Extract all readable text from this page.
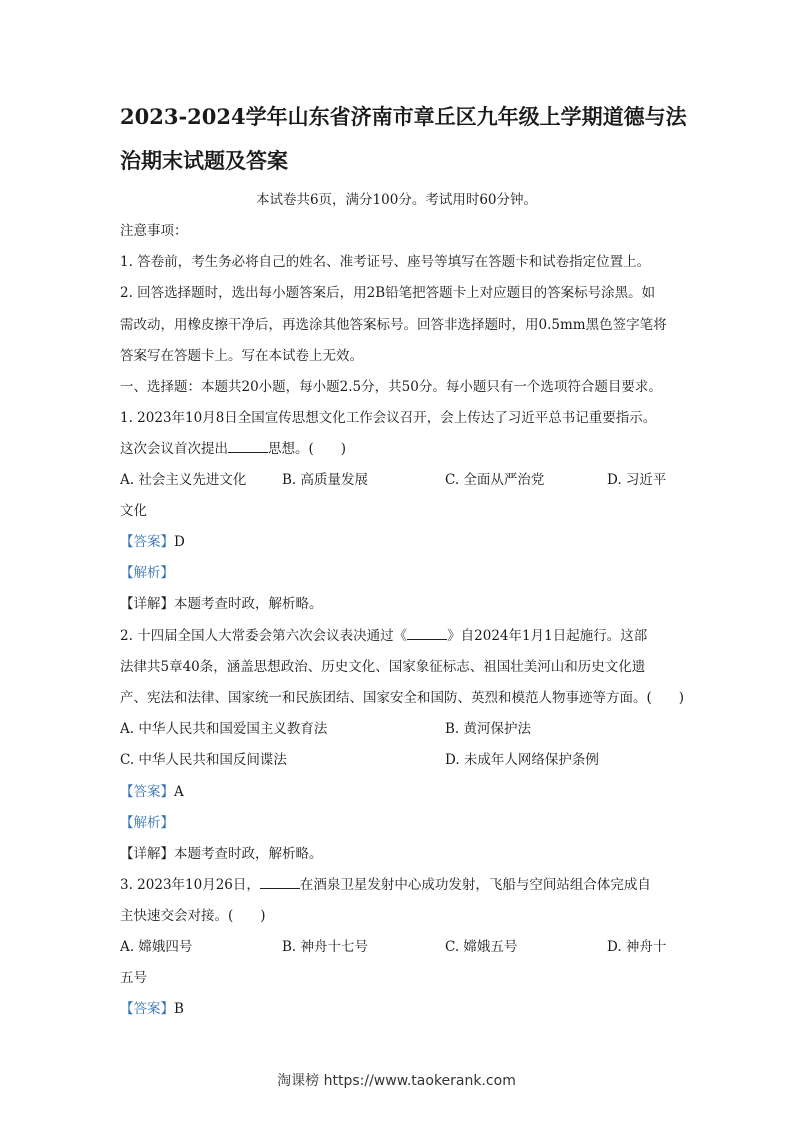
2023-2024学年山东省济南市章丘区九年级上学期道德与法
治期末试题及答案
本试卷共6页，满分100分。考试用时60分钟。
注意事项：
1. 答卷前，考生务必将自己的姓名、准考证号、座号等填写在答题卡和试卷指定位置上。
2. 回答选择题时，选出每小题答案后，用2B铅笔把答题卡上对应题目的答案标号涂黑。如
需改动，用橡皮擦干净后，再选涂其他答案标号。回答非选择题时，用0.5mm黑色签字笔将
答案写在答题卡上。写在本试卷上无效。
一、选择题：本题共20小题，每小题2.5分，共50分。每小题只有一个选项符合题目要求。
1. 2023年10月8日全国宣传思想文化工作会议召开，会上传达了习近平总书记重要指示。
这次会议首次提出	思想。(　　)
A. 社会主义先进文化	B. 高质量发展	C. 全面从严治党	D. 习近平
文化
【答案】D
【解析】
【详解】本题考查时政，解析略。
2. 十四届全国人大常委会第六次会议表决通过《	》自2024年1月1日起施行。这部
法律共5章40条，涵盖思想政治、历史文化、国家象征标志、祖国壮美河山和历史文化遗
产、宪法和法律、国家统一和民族团结、国家安全和国防、英烈和模范人物事迹等方面。(　　)
A. 中华人民共和国爱国主义教育法	B. 黄河保护法
C. 中华人民共和国反间谍法	D. 未成年人网络保护条例
【答案】A
【解析】
【详解】本题考查时政，解析略。
3. 2023年10月26日，	在酒泉卫星发射中心成功发射，飞船与空间站组合体完成自
主快速交会对接。(　　)
A. 嫦娥四号	B. 神舟十七号	C. 嫦娥五号	D. 神舟十
五号
【答案】B
淘课榜 https://www.taokerank.com
